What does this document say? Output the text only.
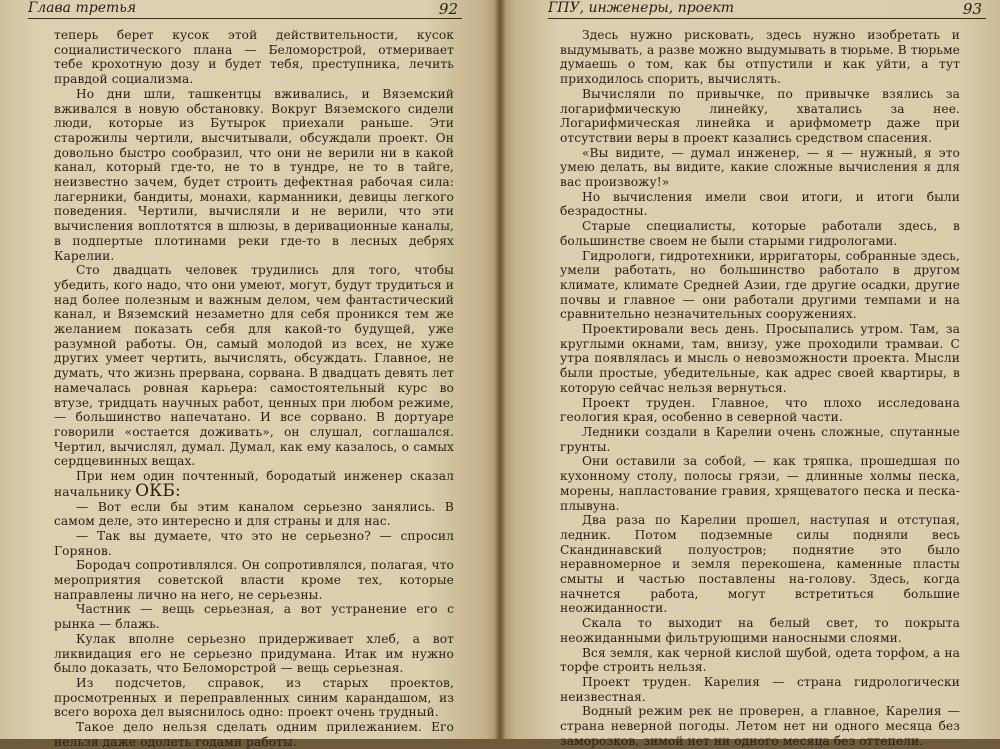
Глава третья	92

теперь берет кусок этой действительности, кусок социалистического плана — Беломорстрой, отмеривает тебе крохотную дозу и будет тебя, преступника, лечить правдой социализма.

Но дни шли, ташкентцы вживались, и Вяземский вживался в новую обстановку. Вокруг Вяземского сидели люди, которые из Бутырок приехали раньше. Эти старожилы чертили, высчитывали, обсуждали проект. Он довольно быстро сообразил, что они не верили ни в какой канал, который где-то, не то в тундре, не то в тайге, неизвестно зачем, будет строить дефектная рабочая сила: лагерники, бандиты, монахи, карманники, девицы легкого поведения. Чертили, вычисляли и не верили, что эти вычисления воплотятся в шлюзы, в деривационные каналы, в подпертые плотинами реки где-то в лесных дебрях Карелии.

Сто двадцать человек трудились для того, чтобы убедить, кого надо, что они умеют, могут, будут трудиться и над более полезным и важным делом, чем фантастический канал, и Вяземский незаметно для себя проникся тем же желанием показать себя для какой-то будущей, уже разумной работы. Он, самый молодой из всех, не хуже других умеет чертить, вычислять, обсуждать. Главное, не думать, что жизнь прервана, сорвана. В двадцать девять лет намечалась ровная карьера: самостоятельный курс во втузе, тридцать научных работ, ценных при любом режиме, — большинство напечатано. И все сорвано. В дортуаре говорили «остается доживать», он слушал, соглашался. Чертил, вычислял, думал. Думал, как ему казалось, о самых сердцевинных вещах.

При нем один почтенный, бородатый инженер сказал начальнику ОКБ:

— Вот если бы этим каналом серьезно занялись. В самом деле, это интересно и для страны и для нас.

— Так вы думаете, что это не серьезно? — спросил Горянов.

Бородач сопротивлялся. Он сопротивлялся, полагая, что мероприятия советской власти кроме тех, которые направлены лично на него, не серьезны.

Частник — вещь серьезная, а вот устранение его с рынка — блажь.

Кулак вполне серьезно придерживает хлеб, а вот ликвидация его не серьезно придумана. Итак им нужно было доказать, что Беломорстрой — вещь серьезная.

Из подсчетов, справок, из старых проектов, просмотренных и переправленных синим карандашом, из всего вороха дел выяснилось одно: проект очень трудный.

Такое дело нельзя сделать одним прилежанием. Его нельзя даже одолеть годами работы.

ГПУ, инженеры, проект	93

Здесь нужно рисковать, здесь нужно изобретать и выдумывать, а разве можно выдумывать в тюрьме. В тюрьме думаешь о том, как бы отпустили и как уйти, а тут приходилось спорить, вычислять.

Вычисляли по привычке, по привычке взялись за логарифмическую линейку, хватались за нее. Логарифмическая линейка и арифмометр даже при отсутствии веры в проект казались средством спасения.

«Вы видите, — думал инженер, — я — нужный, я это умею делать, вы видите, какие сложные вычисления я для вас произвожу!»

Но вычисления имели свои итоги, и итоги были безрадостны.

Старые специалисты, которые работали здесь, в большинстве своем не были старыми гидрологами.

Гидрологи, гидротехники, ирригаторы, собранные здесь, умели работать, но большинство работало в другом климате, климате Средней Азии, где другие осадки, другие почвы и главное — они работали другими темпами и на сравнительно незначительных сооружениях.

Проектировали весь день. Просыпались утром. Там, за круглыми окнами, там, внизу, уже проходили трамваи. С утра появлялась и мысль о невозможности проекта. Мысли были простые, убедительные, как адрес своей квартиры, в которую сейчас нельзя вернуться.

Проект труден. Главное, что плохо исследована геология края, особенно в северной части.

Ледники создали в Карелии очень сложные, спутанные грунты.

Они оставили за собой, — как тряпка, прошедшая по кухонному столу, полосы грязи, — длинные холмы песка, морены, напластование гравия, хрящеватого песка и песка-плывуна.

Два раза по Карелии прошел, наступая и отступая, ледник. Потом подземные силы подняли весь Скандинавский полуостров; поднятие это было неравномерное и земля перекошена, каменные пласты смыты и частью поставлены на-голову. Здесь, когда начнется работа, могут встретиться большие неожиданности.

Скала то выходит на белый свет, то покрыта неожиданными фильтрующими наносными слоями.

Вся земля, как черной кислой шубой, одета торфом, а на торфе строить нельзя.

Проект труден. Карелия — страна гидрологически неизвестная.

Водный режим рек не проверен, а главное, Карелия — страна неверной погоды. Летом нет ни одного месяца без заморозков, зимой нет ни одного месяца без оттепели.
